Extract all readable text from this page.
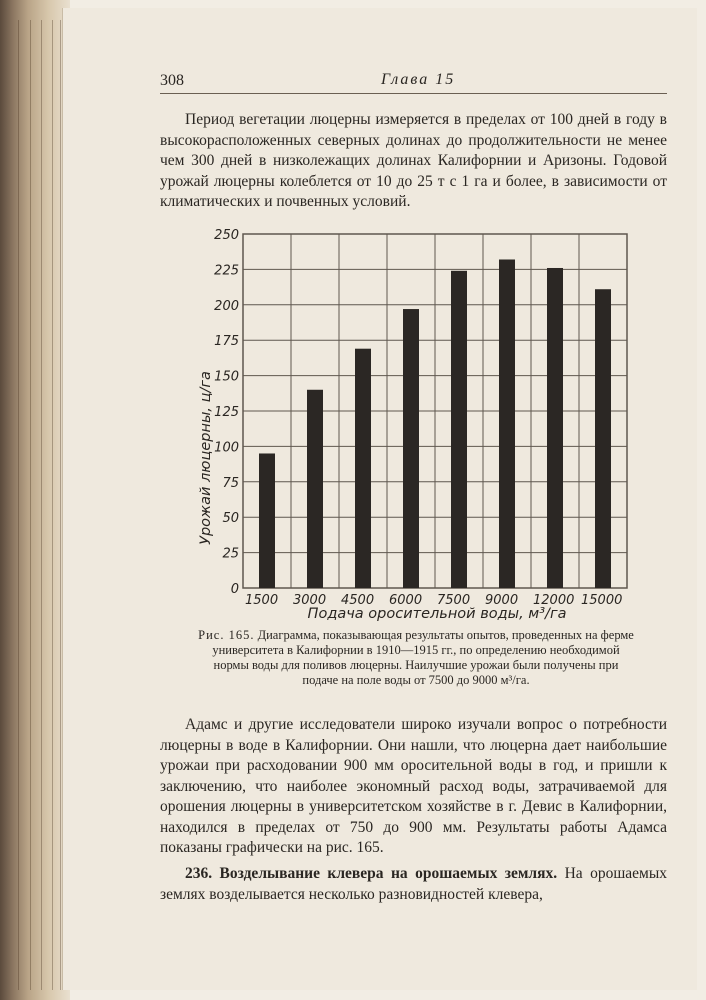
308	Глава 15

Период вегетации люцерны измеряется в пределах от 100 дней в году в высокорасположенных северных долинах до продолжительности не менее чем 300 дней в низколежащих долинах Калифорнии и Аризоны. Годовой урожай люцерны колеблется от 10 до 25 т с 1 га и более, в зависимости от климатических и почвенных условий.

0
25
50
75
100
125
150
175
200
225
250
1500 3000 4500 6000 7500 9000 12000 15000
Урожай люцерны, ц/га
Подача оросительной воды, м³/га

Рис. 165. Диаграмма, показывающая результаты опытов, проведенных на ферме университета в Калифорнии в 1910—1915 гг., по определению необходимой нормы воды для поливов люцерны. Наилучшие урожаи были получены при подаче на поле воды от 7500 до 9000 м³/га.

Адамс и другие исследователи широко изучали вопрос о потребности люцерны в воде в Калифорнии. Они нашли, что люцерна дает наибольшие урожаи при расходовании 900 мм оросительной воды в год, и пришли к заключению, что наиболее экономный расход воды, затрачиваемой для орошения люцерны в университетском хозяйстве в г. Девис в Калифорнии, находился в пределах от 750 до 900 мм. Результаты работы Адамса показаны графически на рис. 165.

236. Возделывание клевера на орошаемых землях. На орошаемых землях возделывается несколько разновидностей клевера,
